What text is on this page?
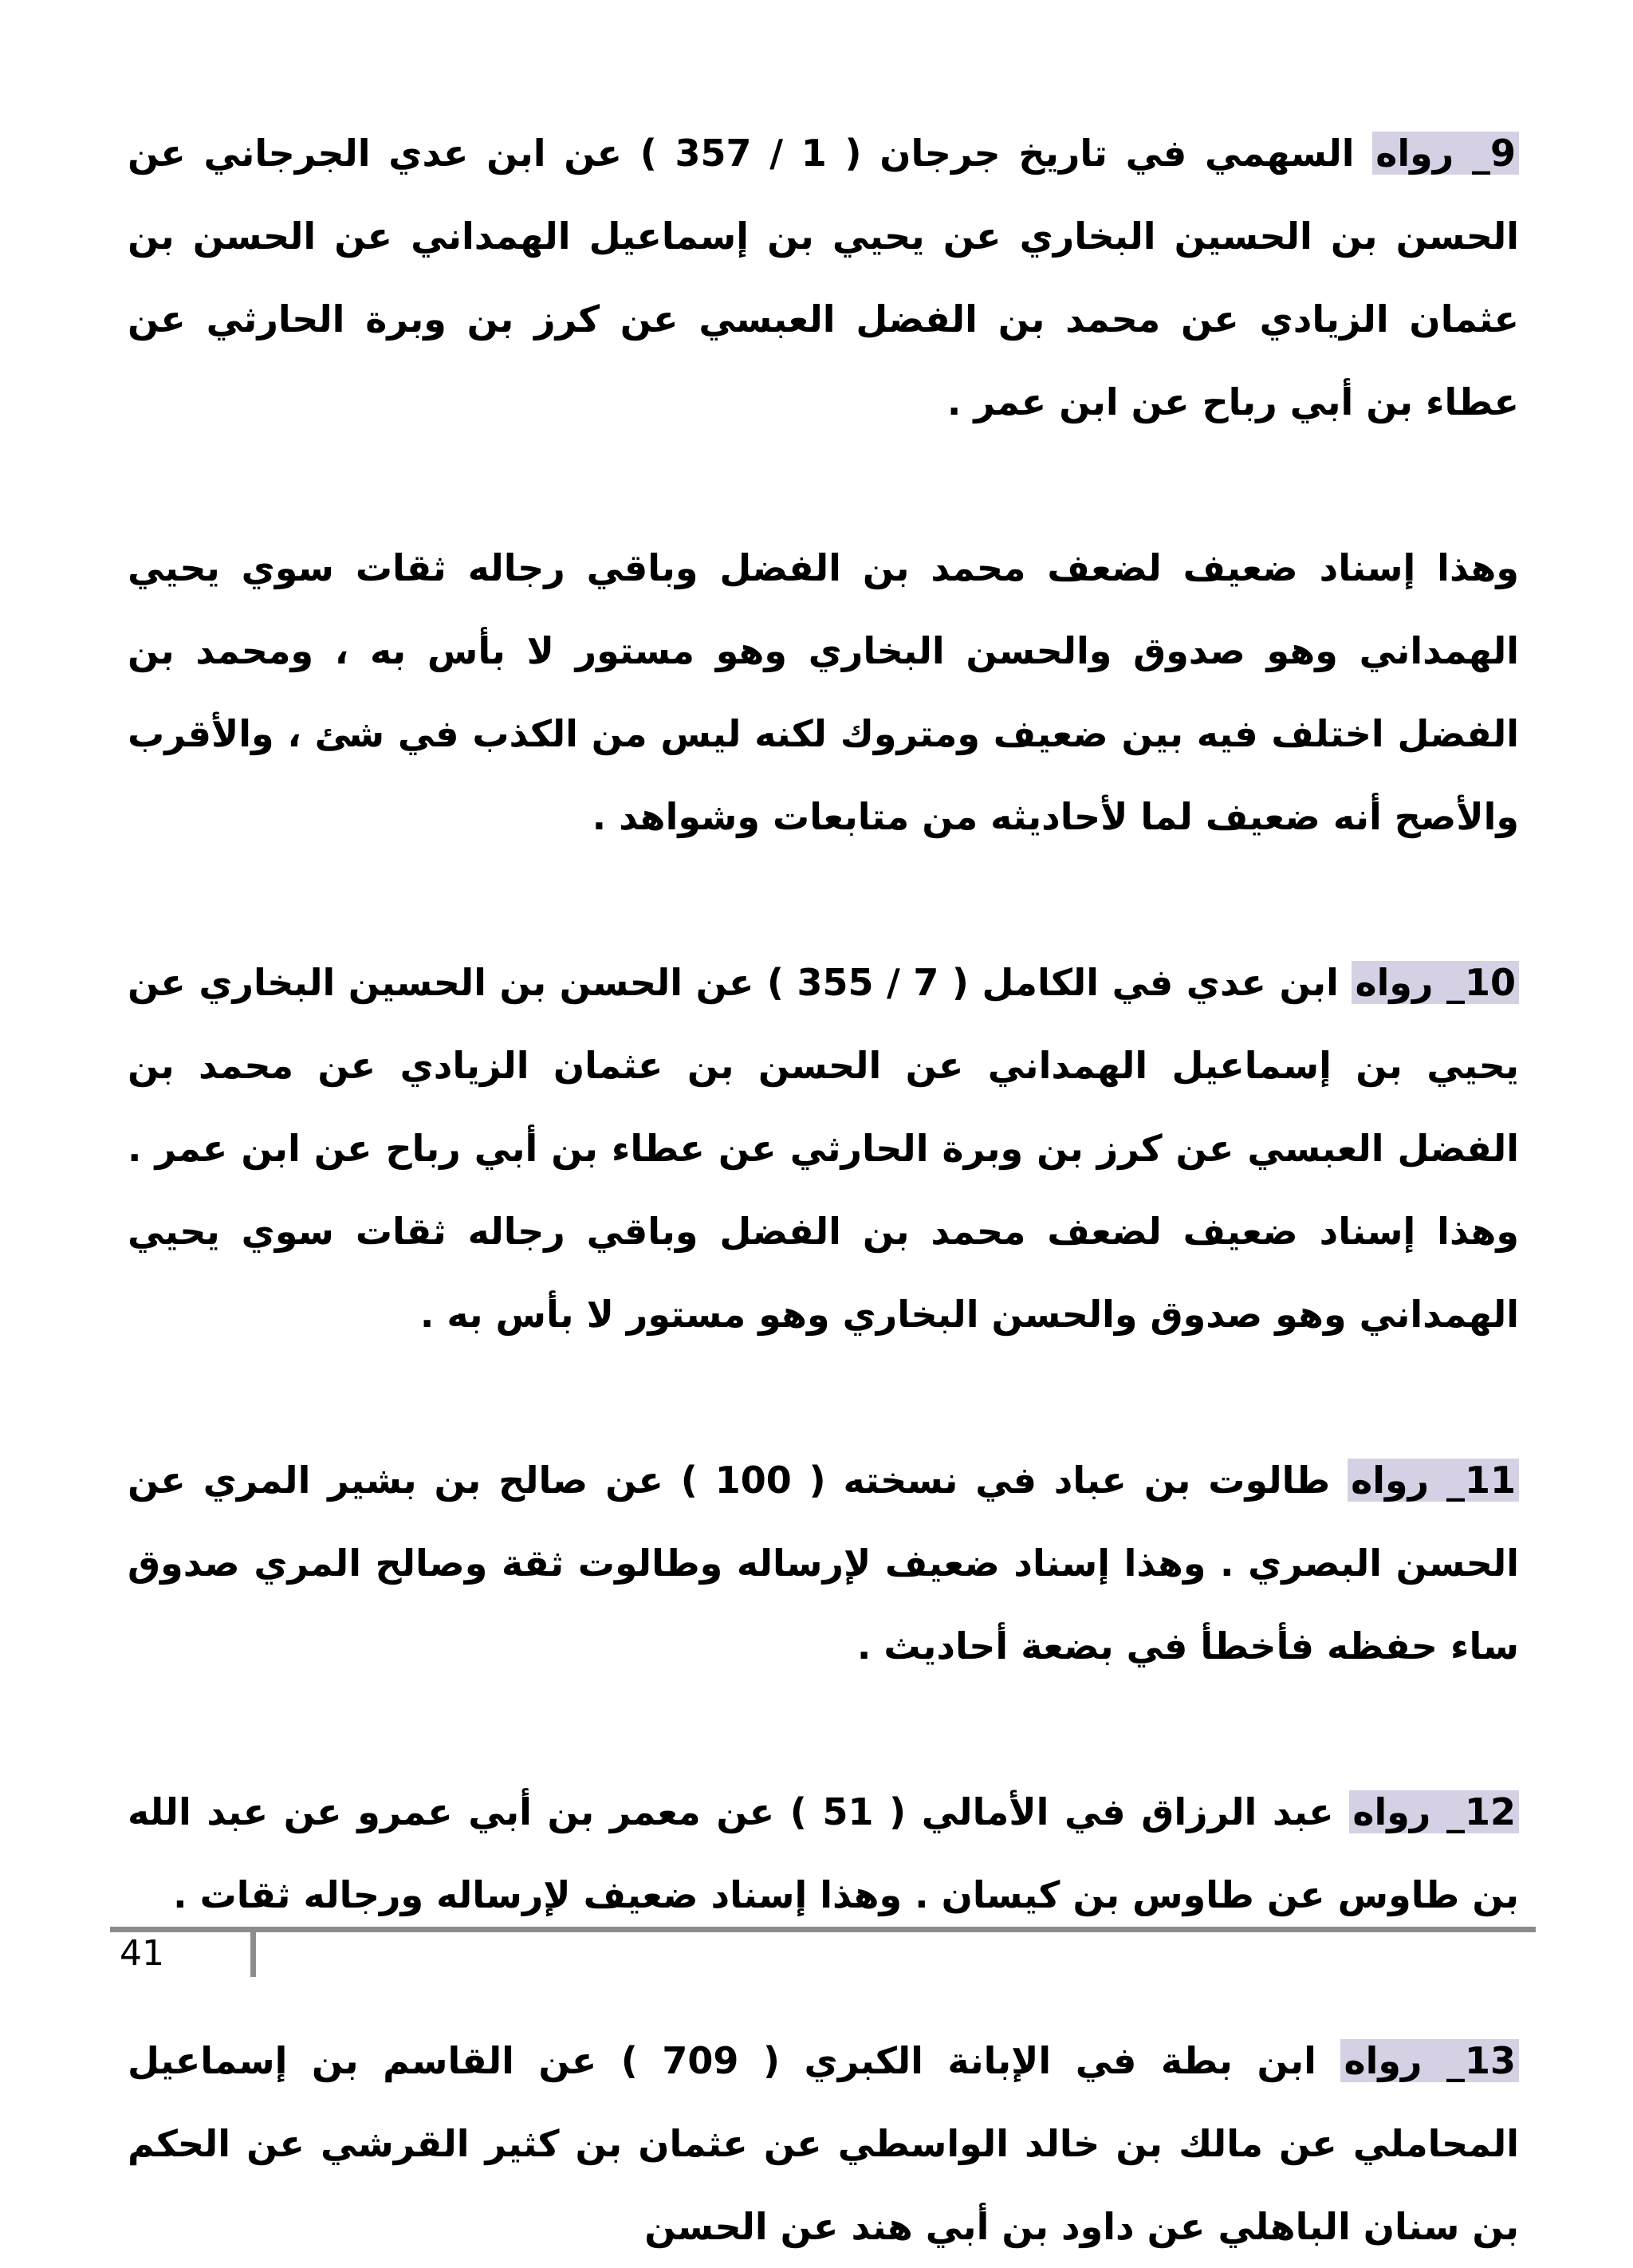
9_ رواه السهمي في تاريخ جرجان ( 1 / 357 ) عن ابن عدي الجرجاني عن الحسن بن الحسين البخاري عن يحيي بن إسماعيل الهمداني عن الحسن بن عثمان الزيادي عن محمد بن الفضل العبسي عن كرز بن وبرة الحارثي عن عطاء بن أبي رباح عن ابن عمر .

وهذا إسناد ضعيف لضعف محمد بن الفضل وباقي رجاله ثقات سوي يحيي الهمداني وهو صدوق والحسن البخاري وهو مستور لا بأس به ، ومحمد بن الفضل اختلف فيه بين ضعيف ومتروك لكنه ليس من الكذب في شئ ، والأقرب والأصح أنه ضعيف لما لأحاديثه من متابعات وشواهد .

10_ رواه ابن عدي في الكامل ( 7 / 355 ) عن الحسن بن الحسين البخاري عن يحيي بن إسماعيل الهمداني عن الحسن بن عثمان الزيادي عن محمد بن الفضل العبسي عن كرز بن وبرة الحارثي عن عطاء بن أبي رباح عن ابن عمر . وهذا إسناد ضعيف لضعف محمد بن الفضل وباقي رجاله ثقات سوي يحيي الهمداني وهو صدوق والحسن البخاري وهو مستور لا بأس به .

11_ رواه طالوت بن عباد في نسخته ( 100 ) عن صالح بن بشير المري عن الحسن البصري . وهذا إسناد ضعيف لإرساله وطالوت ثقة وصالح المري صدوق ساء حفظه فأخطأ في بضعة أحاديث .

12_ رواه عبد الرزاق في الأمالي ( 51 ) عن معمر بن أبي عمرو عن عبد الله بن طاوس عن طاوس بن كيسان . وهذا إسناد ضعيف لإرساله ورجاله ثقات .

13_ رواه ابن بطة في الإبانة الكبري ( 709 ) عن القاسم بن إسماعيل المحاملي عن مالك بن خالد الواسطي عن عثمان بن كثير القرشي عن الحكم بن سنان الباهلي عن داود بن أبي هند عن الحسن

41
